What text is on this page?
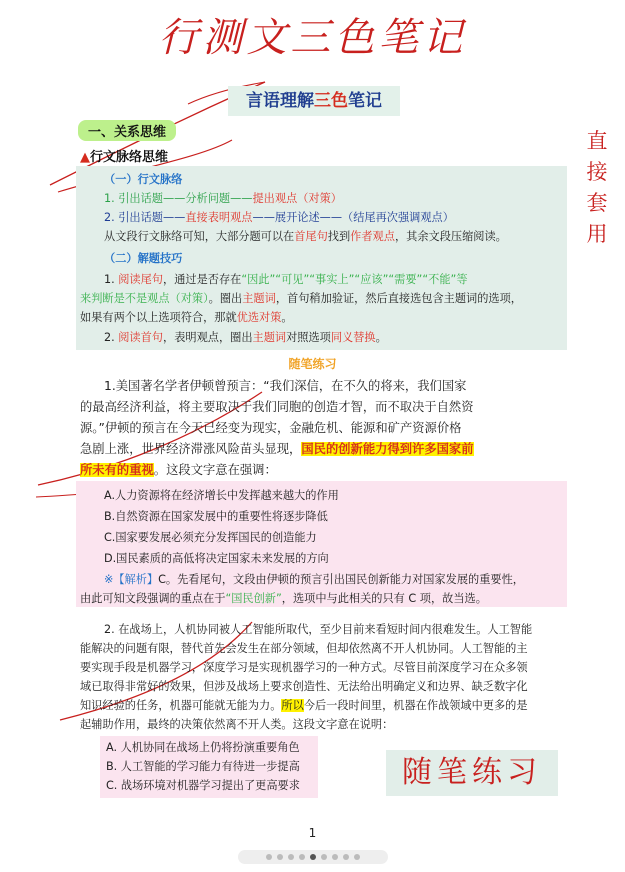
行测文三色笔记
言语理解三色笔记
一、关系思维
▲行文脉络思维
直
接
套
用
（一）行文脉络
1. 引出话题——分析问题——提出观点（对策）
2. 引出话题——直接表明观点——展开论述——（结尾再次强调观点）
从文段行文脉络可知，大部分题可以在首尾句找到作者观点，其余文段压缩阅读。
（二）解题技巧
1. 阅读尾句，通过是否存在“因此”“可见”“事实上”“应该”“需要”“不能”等
来判断是不是观点（对策）。圈出主题词，首句稍加验证，然后直接选包含主题词的选项，
如果有两个以上选项符合，那就优选对策。
2. 阅读首句，表明观点，圈出主题词对照选项同义替换。
随笔练习
1.美国著名学者伊顿曾预言：“我们深信，在不久的将来，我们国家
的最高经济利益，将主要取决于我们同胞的创造才智，而不取决于自然资
源。”伊顿的预言在今天已经变为现实，金融危机、能源和矿产资源价格
急剧上涨，世界经济滞涨风险苗头显现，国民的创新能力得到许多国家前
所未有的重视。这段文字意在强调：
A.人力资源将在经济增长中发挥越来越大的作用
B.自然资源在国家发展中的重要性将逐步降低
C.国家要发展必须充分发挥国民的创造能力
D.国民素质的高低将决定国家未来发展的方向
※【解析】C。先看尾句，文段由伊顿的预言引出国民创新能力对国家发展的重要性，
由此可知文段强调的重点在于“国民创新”，选项中与此相关的只有 C 项，故当选。
2. 在战场上，人机协同被人工智能所取代，至少目前来看短时间内很难发生。人工智能
能解决的问题有限，替代首先会发生在部分领域，但却依然离不开人机协同。人工智能的主
要实现手段是机器学习，深度学习是实现机器学习的一种方式。尽管目前深度学习在众多领
域已取得非常好的效果，但涉及战场上要求创造性、无法给出明确定义和边界、缺乏数字化
知识经验的任务，机器可能就无能为力。所以今后一段时间里，机器在作战领域中更多的是
起辅助作用，最终的决策依然离不开人类。这段文字意在说明：
A. 人机协同在战场上仍将扮演重要角色
B. 人工智能的学习能力有待进一步提高
C. 战场环境对机器学习提出了更高要求	随笔练习
1
